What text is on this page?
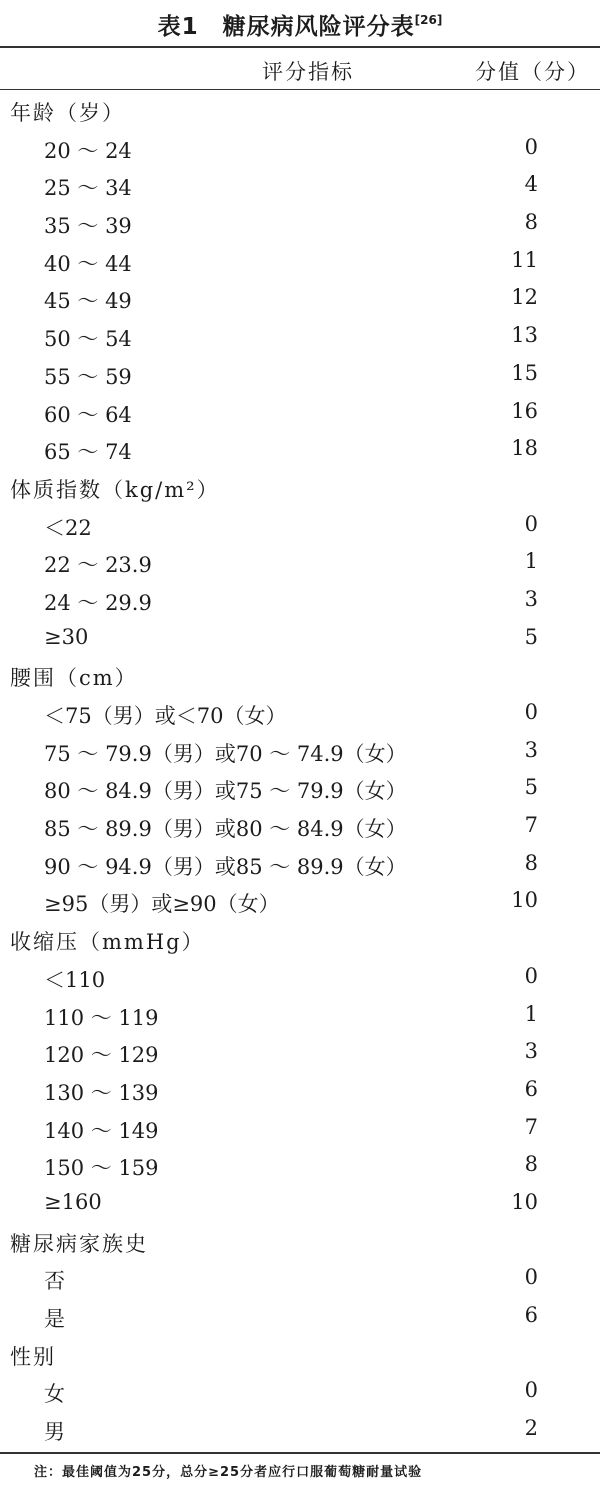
表1　糖尿病风险评分表[26]
评分指标	分值（分）
年龄（岁）
20 ～ 24	0
25 ～ 34	4
35 ～ 39	8
40 ～ 44	11
45 ～ 49	12
50 ～ 54	13
55 ～ 59	15
60 ～ 64	16
65 ～ 74	18
体质指数（kg/m²）
＜22	0
22 ～ 23.9	1
24 ～ 29.9	3
≥30	5
腰围（cm）
＜75（男）或＜70（女）	0
75 ～ 79.9（男）或70 ～ 74.9（女）	3
80 ～ 84.9（男）或75 ～ 79.9（女）	5
85 ～ 89.9（男）或80 ～ 84.9（女）	7
90 ～ 94.9（男）或85 ～ 89.9（女）	8
≥95（男）或≥90（女）	10
收缩压（mmHg）
＜110	0
110 ～ 119	1
120 ～ 129	3
130 ～ 139	6
140 ～ 149	7
150 ～ 159	8
≥160	10
糖尿病家族史
否	0
是	6
性别
女	0
男	2
注：最佳阈值为25分，总分≥25分者应行口服葡萄糖耐量试验
